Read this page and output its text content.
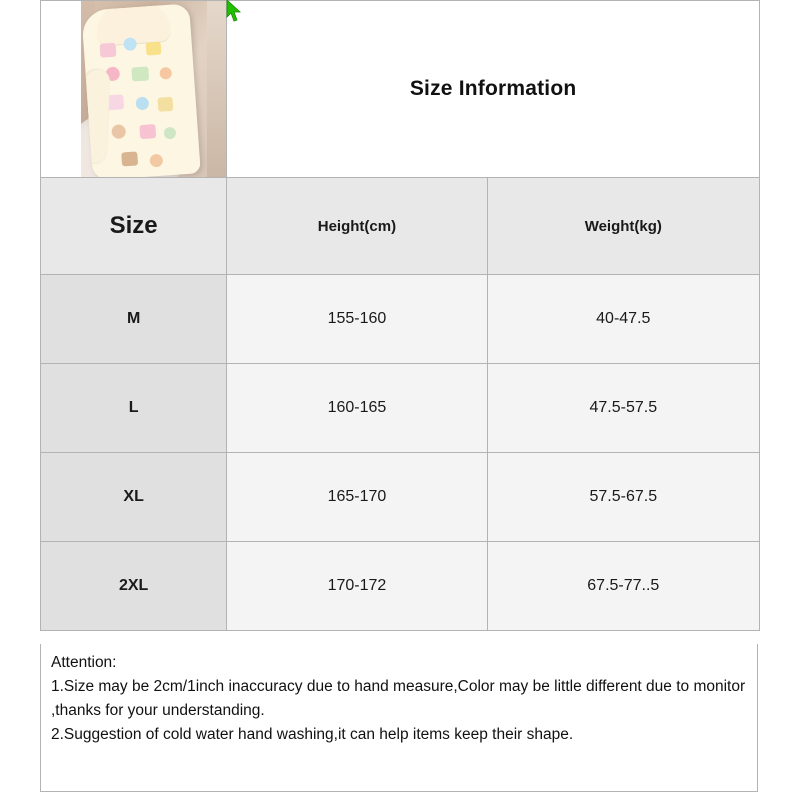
	Size Information	
Size	Height(cm)	Weight(kg)
M	155-160	40-47.5
L	160-165	47.5-57.5
XL	165-170	57.5-67.5
2XL	170-172	67.5-77..5

Attention:

1.Size may be 2cm/1inch inaccuracy due to hand measure,Color may be little different due to monitor ,thanks for your understanding.

2.Suggestion of cold water hand washing,it can help items keep their shape.
